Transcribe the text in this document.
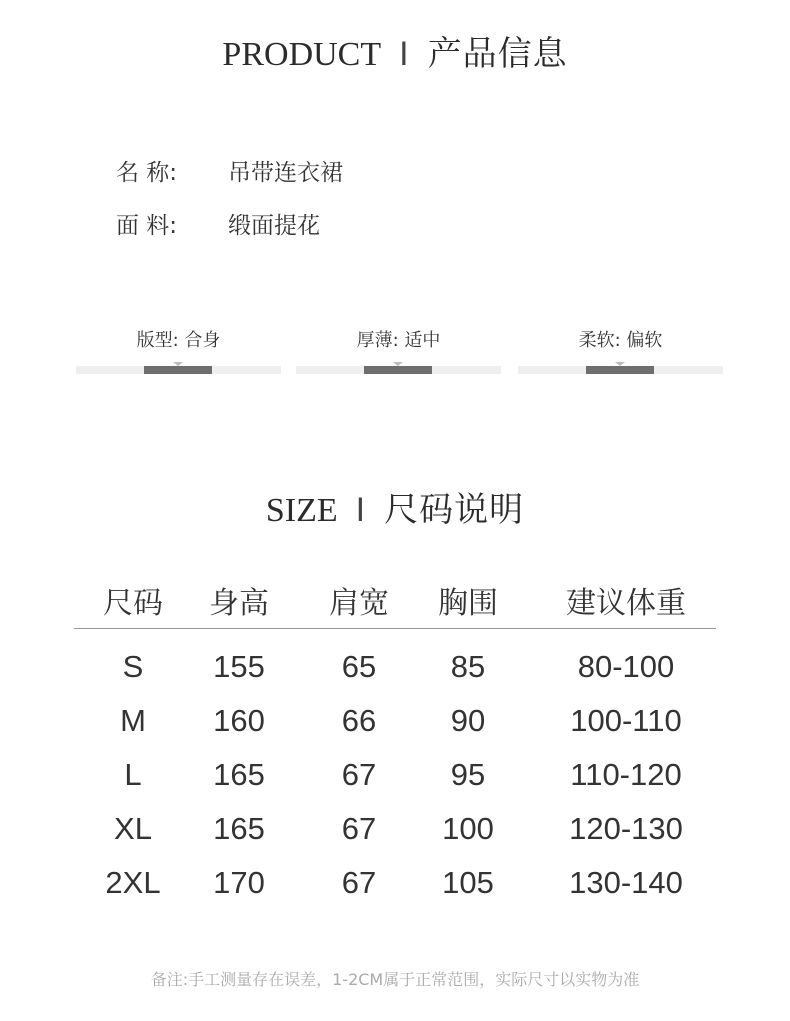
PRODUCT I 产品信息
名 称: 吊带连衣裙
面 料: 缎面提花
版型: 合身	厚薄: 适中	柔软: 偏软
SIZE I 尺码说明
尺码	身高	肩宽	胸围	建议体重
S	155	65	85	80-100
M	160	66	90	100-110
L	165	67	95	110-120
XL	165	67	100	120-130
2XL	170	67	105	130-140
备注:手工测量存在误差，1-2CM属于正常范围，实际尺寸以实物为准
